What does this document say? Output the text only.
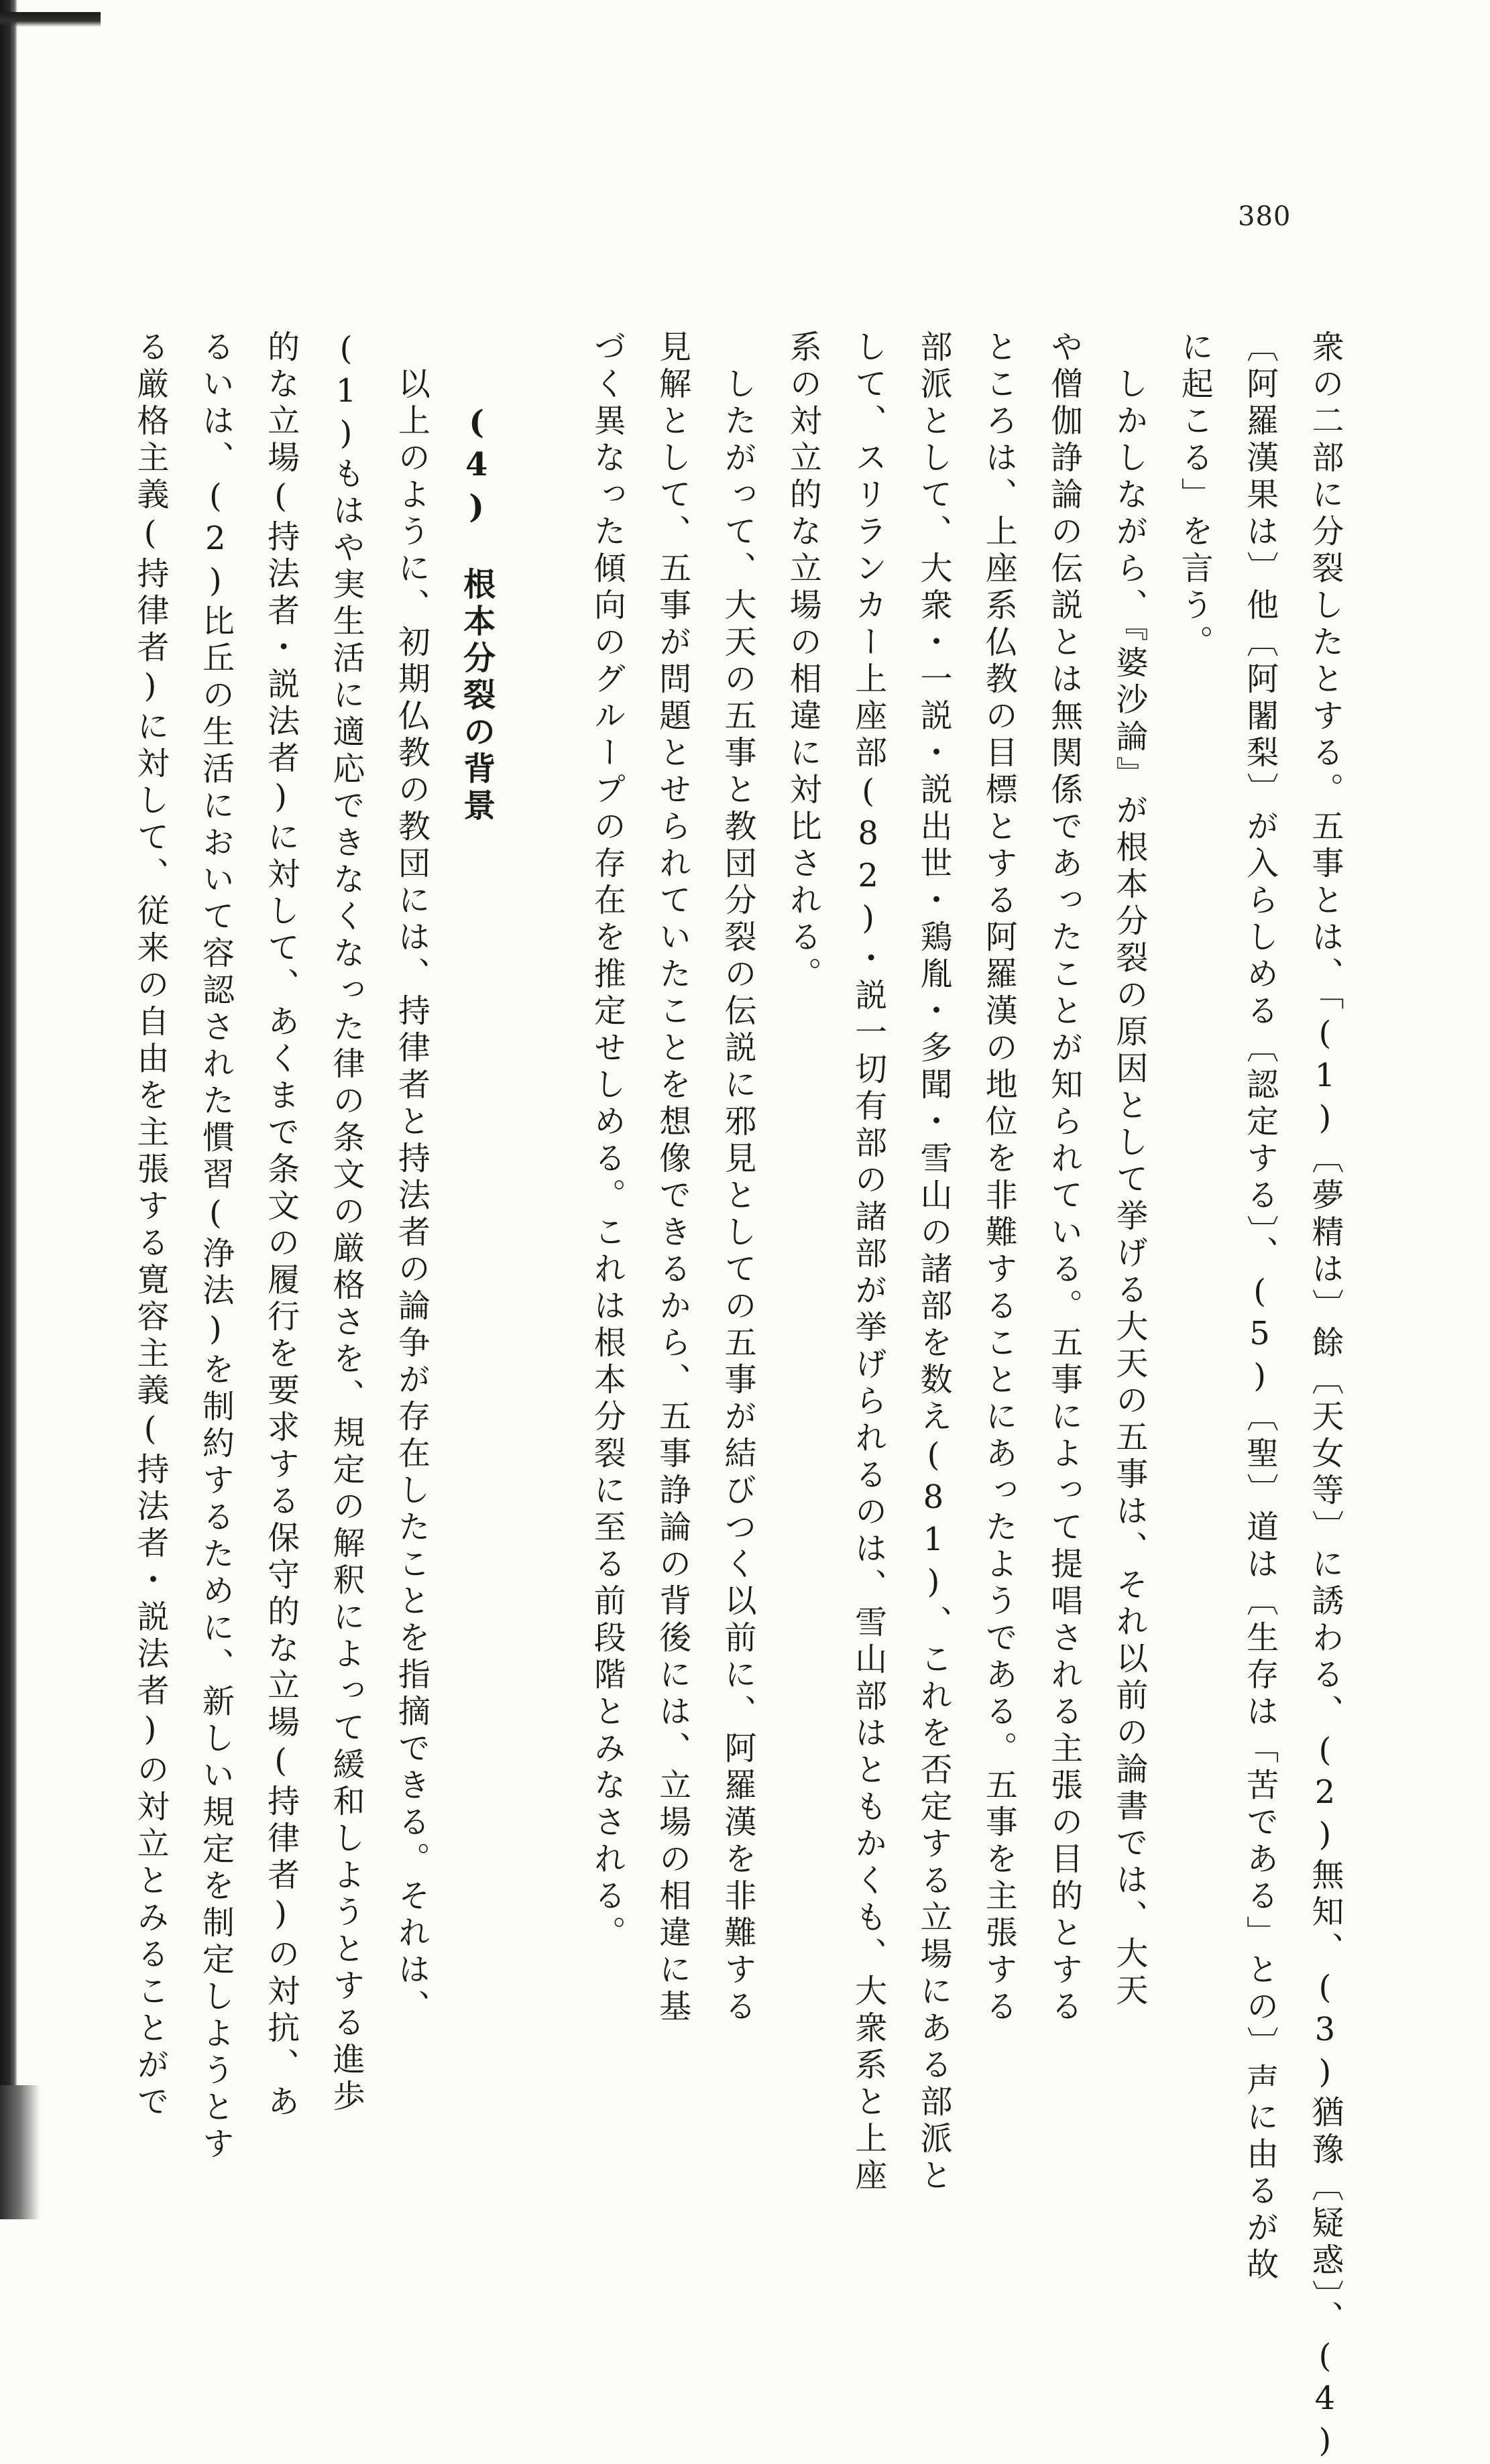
380
衆の二部に分裂したとする。五事とは、「(1)〔夢精は〕餘〔天女等〕に誘わる、(2)無知、(3)猶豫〔疑惑〕、(4)
〔阿羅漢果は〕他〔阿闍梨〕が入らしめる〔認定する〕、(5)〔聖〕道は〔生存は「苦である」との〕声に由るが故
に起こる」を言う。
しかしながら、『婆沙論』が根本分裂の原因として挙げる大天の五事は、それ以前の論書では、大天
や僧伽諍論の伝説とは無関係であったことが知られている。五事によって提唱される主張の目的とする
ところは、上座系仏教の目標とする阿羅漢の地位を非難することにあったようである。五事を主張する
部派として、大衆・一説・説出世・鶏胤・多聞・雪山の諸部を数え(81)、これを否定する立場にある部派と
して、スリランカー上座部(82)・説一切有部の諸部が挙げられるのは、雪山部はともかくも、大衆系と上座
系の対立的な立場の相違に対比される。
したがって、大天の五事と教団分裂の伝説に邪見としての五事が結びつく以前に、阿羅漢を非難する
見解として、五事が問題とせられていたことを想像できるから、五事諍論の背後には、立場の相違に基
づく異なった傾向のグループの存在を推定せしめる。これは根本分裂に至る前段階とみなされる。
(4)根本分裂の背景
以上のように、初期仏教の教団には、持律者と持法者の論争が存在したことを指摘できる。それは、
(1)もはや実生活に適応できなくなった律の条文の厳格さを、規定の解釈によって緩和しようとする進歩
的な立場(持法者・説法者)に対して、あくまで条文の履行を要求する保守的な立場(持律者)の対抗、あ
るいは、(2)比丘の生活において容認された慣習(浄法)を制約するために、新しい規定を制定しようとす
る厳格主義(持律者)に対して、従来の自由を主張する寛容主義(持法者・説法者)の対立とみることがで
